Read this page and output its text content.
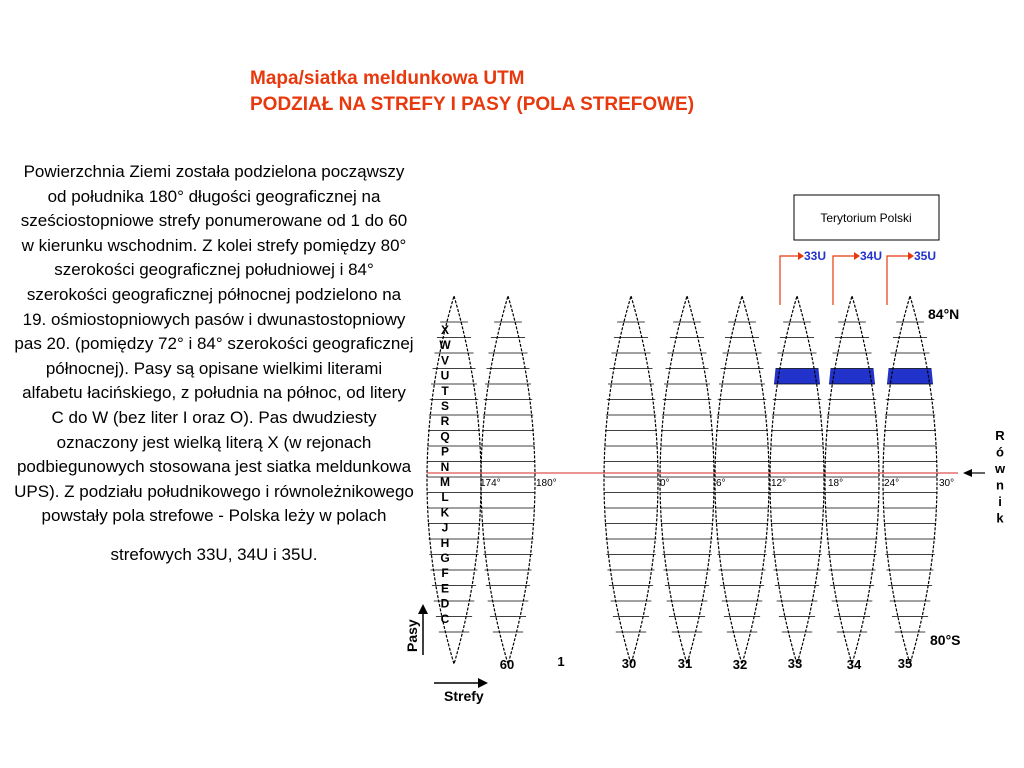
Mapa/siatka meldunkowa UTM
PODZIAŁ NA STREFY I PASY (POLA STREFOWE)
Powierzchnia Ziemi została podzielona począwszy od południka 180° długości geograficznej na sześciostopniowe strefy ponumerowane od 1 do 60 w kierunku wschodnim. Z kolei strefy pomiędzy 80° szerokości geograficznej południowej i 84° szerokości geograficznej północnej podzielono na 19. ośmiostopniowych pasów i dwunastostopniowy pas 20. (pomiędzy 72° i 84° szerokości geograficznej północnej). Pasy są opisane wielkimi literami alfabetu łacińskiego, z południa na północ, od litery C do W (bez liter I oraz O). Pas dwudziesty oznaczony jest wielką literą X (w rejonach podbiegunowych stosowana jest siatka meldunkowa UPS). Z podziału południkowego i równoleżnikowego powstały pola strefowe - Polska leży w polach
strefowych 33U, 34U i 35U.
174°	180°	0°	6°	12°	18°	24°	30°
X
W
V
U
T
S
R
Q
P
N
M
L
K
J
H
G
F
E
D
C
60	1	30	31	32	33	34	35
Terytorium Polski
33U	34U	35U
84°N
80°S
Pasy
Strefy
R
ó
w
n
i
k
